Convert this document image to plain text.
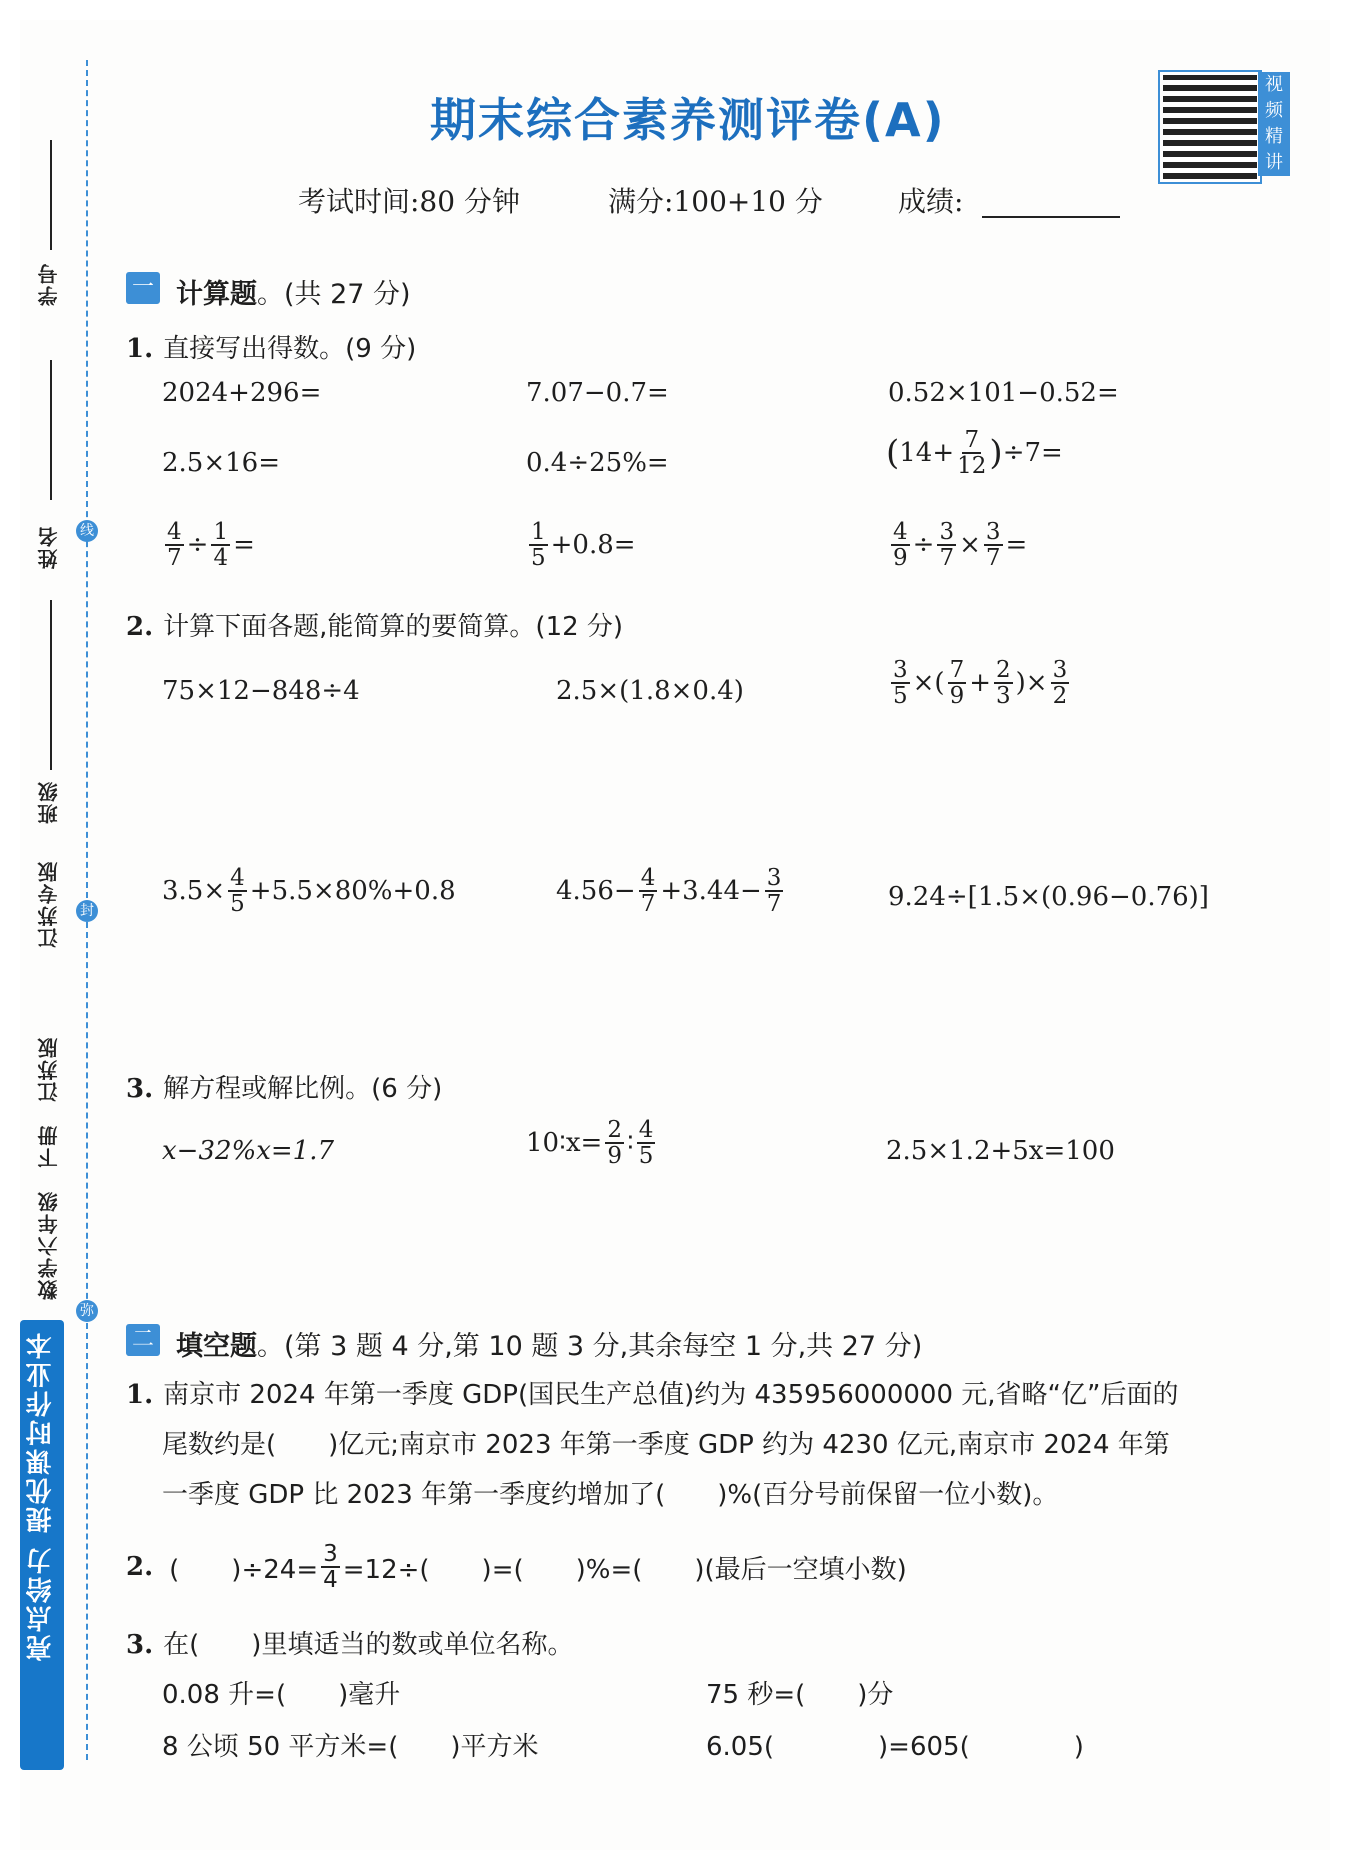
线
封
弥
学号
姓名
班级
江苏专版
数学六年级　下册　江苏版
亮点给力 提优课时作业本
期末综合素养测评卷(A)
视频精讲
考试时间:80 分钟	满分:100+10 分	成绩:
一 计算题。(共 27 分)
1. 直接写出得数。(9 分)
2024+296=	7.07−0.7=	0.52×101−0.52=
2.5×16=	0.4÷25%=	( $14+ \frac{7}{12}$ ) ÷7=
$\frac{4}{7} \div \frac{1}{4}$ =	$\frac{1}{5} +0.8=$	$\frac{4}{9} \div \frac{3}{7} \times \frac{3}{7}$ =
2. 计算下面各题,能简算的要简算。(12 分)
75×12−848÷4	2.5×(1.8×0.4)	$\frac{3}{5}$ ×( $\frac{7}{9} + \frac{2}{3}$ )× $\frac{3}{2}$
$3.5\times \frac{4}{5} +5.5\times 80\%+0.8$	$4.56- \frac{4}{7} +3.44- \frac{3}{7}$	9.24÷[1.5×(0.96−0.76)]
3. 解方程或解比例。(6 分)
x−32%x=1.7	10∶x= $\frac{2}{9}$ ∶ $\frac{4}{5}$	2.5×1.2+5x=100
二 填空题。(第 3 题 4 分,第 10 题 3 分,其余每空 1 分,共 27 分)
1. 南京市 2024 年第一季度 GDP(国民生产总值)约为 435956000000 元,省略“亿”后面的
尾数约是(　　)亿元;南京市 2023 年第一季度 GDP 约为 4230 亿元,南京市 2024 年第
一季度 GDP 比 2023 年第一季度约增加了(　　)%(百分号前保留一位小数)。
2. (　　)$\div 24= \frac{3}{4} =12\div$(　　)=(　　)%=(　　)(最后一空填小数)
3. 在(　　)里填适当的数或单位名称。
0.08 升=(　　)毫升	75 秒=(　　)分
8 公顷 50 平方米=(　　)平方米	6.05(　　　　)=605(　　　　)
